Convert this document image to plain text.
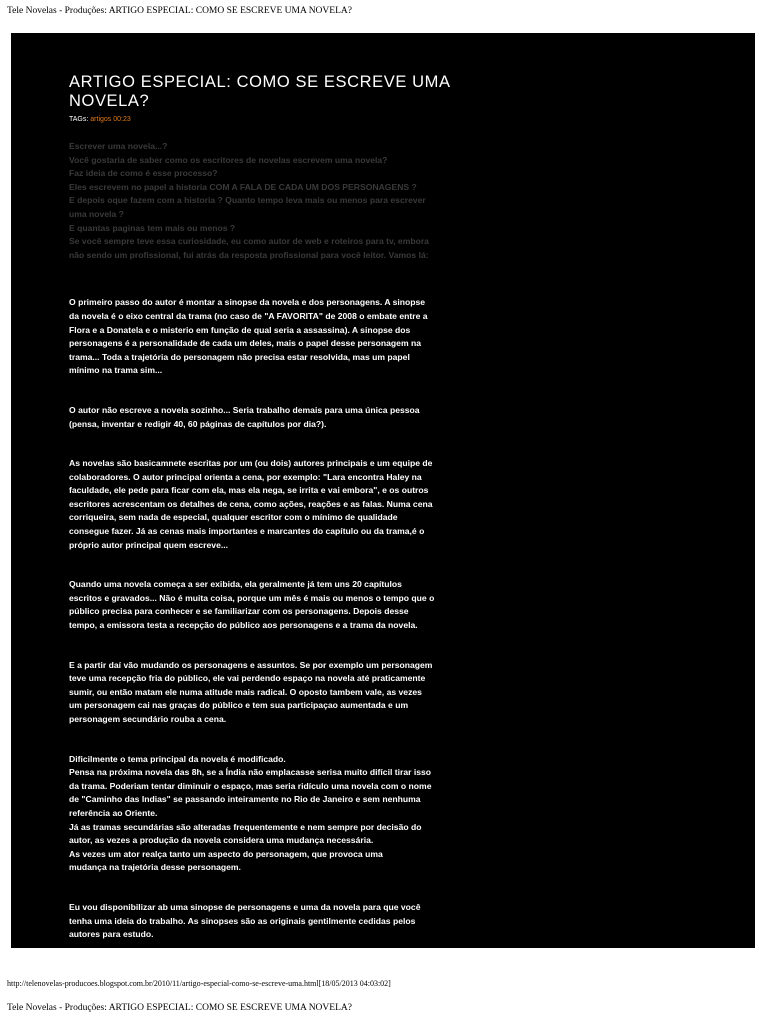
Tele Novelas - Produções: ARTIGO ESPECIAL: COMO SE ESCREVE UMA NOVELA?
ARTIGO ESPECIAL: COMO SE ESCREVE UMA NOVELA?
TAGs: artigos 00:23
Escrever uma novela...?
Você gostaria de saber como os escritores de novelas escrevem uma novela?
Faz ideia de como é esse processo?
Eles escrevem no papel a historia COM A FALA DE CADA UM DOS PERSONAGENS ?
E depois oque fazem com a historia ? Quanto tempo leva mais ou menos para escrever
uma novela ?
E quantas paginas tem mais ou menos ?
Se você sempre teve essa curiosidade, eu como autor de web e roteiros para tv, embora
não sendo um profissional, fui atrás da resposta profissional para você leitor. Vamos lá:
O primeiro passo do autor é montar a sinopse da novela e dos personagens. A sinopse
da novela é o eixo central da trama (no caso de "A FAVORITA" de 2008 o embate entre a
Flora e a Donatela e o misterio em função de qual seria a assassina). A sinopse dos
personagens é a personalidade de cada um deles, mais o papel desse personagem na
trama... Toda a trajetória do personagem não precisa estar resolvida, mas um papel
mínimo na trama sim...
O autor não escreve a novela sozinho... Seria trabalho demais para uma única pessoa
(pensa, inventar e redigir 40, 60 páginas de capítulos por dia?).
As novelas são basicamnete escritas por um (ou dois) autores principais e um equipe de
colaboradores. O autor principal orienta a cena, por exemplo: "Lara encontra Haley na
faculdade, ele pede para ficar com ela, mas ela nega, se irrita e vai embora", e os outros
escritores acrescentam os detalhes de cena, como ações, reações e as falas. Numa cena
corriqueira, sem nada de especial, qualquer escritor com o mínimo de qualidade
consegue fazer. Já as cenas mais importantes e marcantes do capítulo ou da trama,é o
próprio autor principal quem escreve...
Quando uma novela começa a ser exibida, ela geralmente já tem uns 20 capítulos
escritos e gravados... Não é muita coisa, porque um mês é mais ou menos o tempo que o
público precisa para conhecer e se familiarizar com os personagens. Depois desse
tempo, a emissora testa a recepção do público aos personagens e a trama da novela.
E a partir daí vão mudando os personagens e assuntos. Se por exemplo um personagem
teve uma recepção fria do público, ele vai perdendo espaço na novela até praticamente
sumir, ou então matam ele numa atitude mais radical. O oposto tambem vale, as vezes
um personagem cai nas graças do público e tem sua participaçao aumentada e um
personagem secundário rouba a cena.
Dificilmente o tema principal da novela é modificado.
Pensa na próxima novela das 8h, se a Índia não emplacasse serisa muito difícil tirar isso
da trama. Poderiam tentar diminuir o espaço, mas seria ridículo uma novela com o nome
de "Caminho das Indias" se passando inteiramente no Rio de Janeiro e sem nenhuma
referência ao Oriente.
Já as tramas secundárias são alteradas frequentemente e nem sempre por decisão do
autor, as vezes a produção da novela considera uma mudança necessária.
As vezes um ator realça tanto um aspecto do personagem, que provoca uma
mudança na trajetória desse personagem.
Eu vou disponibilizar ab uma sinopse de personagens e uma da novela para que você
tenha uma ideia do trabalho. As sinopses são as originais gentilmente cedidas pelos
autores para estudo.
SINOPSE DE PERSONAGENS DE O DONO DO MUNDO (1991), DE GILBERTO BRAGA
http://telenovelas-producoes.blogspot.com.br/2010/11/artigo-especial-como-se-escreve-uma.html[18/05/2013 04:03:02]
Tele Novelas - Produções: ARTIGO ESPECIAL: COMO SE ESCREVE UMA NOVELA?
